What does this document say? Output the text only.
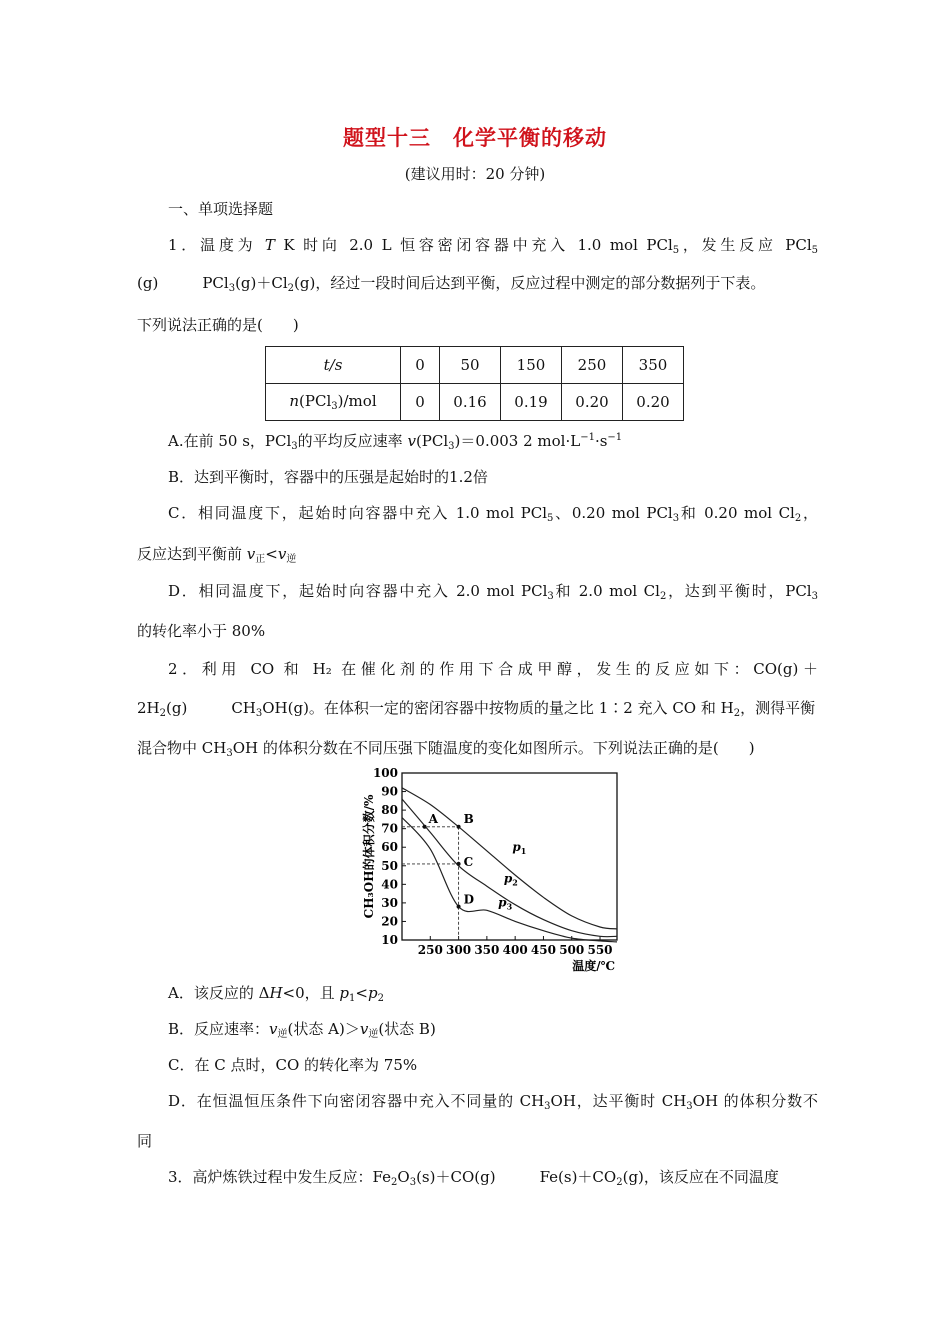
题型十三　化学平衡的移动
(建议用时：20 分钟)
一、单项选择题
1．温度为 T K 时向 2.0 L 恒容密闭容器中充入 1.0 mol PCl$_5$，发生反应 PCl$_5$
(g)	$PCl_3(g)+Cl_2(g)$，经过一段时间后达到平衡，反应过程中测定的部分数据列于下表。
下列说法正确的是(　　)
t/s	0	50	150	250	350
n(PCl$_3$)/mol	0	0.16	0.19	0.20	0.20
A.在前 50 s，PCl$_3$的平均反应速率 v(PCl$_3$)＝0.003 2 $mol\cdot L^{-1}\cdot s^{-1}$
B．达到平衡时，容器中的压强是起始时的1.2倍
C．相同温度下，起始时向容器中充入 1.0 mol PCl$_5$、0.20 mol PCl$_3$和 0.20 mol $Cl_2$，
反应达到平衡前 $v_正<v_逆$
D．相同温度下，起始时向容器中充入 2.0 mol PCl$_3$和 2.0 mol $Cl_2$，达到平衡时，PCl$_3$
的转化率小于 80%
2．利用 CO 和 H₂ 在催化剂的作用下合成甲醇，发生的反应如下：CO(g)＋
$2H_2(g)$	$CH_3OH(g)$。在体积一定的密闭容器中按物质的量之比 1∶2 充入 CO 和 $H_2$，测得平衡
混合物中 $CH_3OH$ 的体积分数在不同压强下随温度的变化如图所示。下列说法正确的是(　　)
10
20
30
40
50
60
70
80
90
100
250 300 350 400 450 500 550
温度/℃
CH₃OH的体积分数/%	$p_1$
$p_2$
$p_3$
A B
C
D
A．该反应的 ΔH<0，且 $p_1<p_2$
B．反应速率：$v_逆$(状态 $A)>v_逆$(状态 B)
C．在 C 点时，CO 的转化率为 75%
D．在恒温恒压条件下向密闭容器中充入不同量的 $CH_3OH$，达平衡时 $CH_3OH$ 的体积分数不
同
3．高炉炼铁过程中发生反应：$Fe_2O_3(s)+CO(g)$	$Fe(s)+CO_2(g)$，该反应在不同温度
